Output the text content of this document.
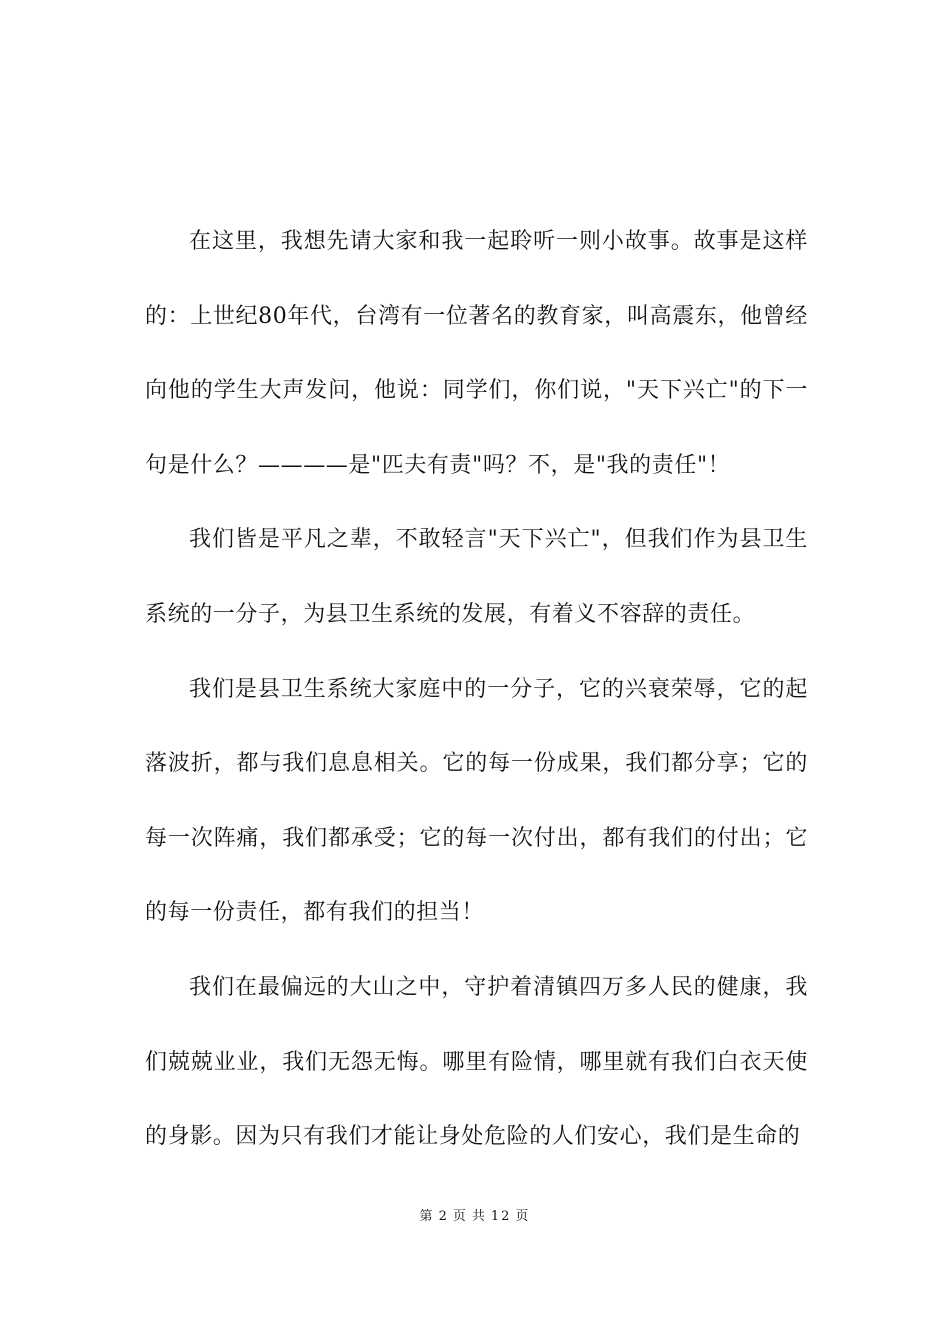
在这里，我想先请大家和我一起聆听一则小故事。故事是这样的：上世纪80年代，台湾有一位著名的教育家，叫高震东，他曾经向他的学生大声发问，他说：同学们，你们说，"天下兴亡"的下一句是什么？————是"匹夫有责"吗？不，是"我的责任"！

我们皆是平凡之辈，不敢轻言"天下兴亡"，但我们作为县卫生系统的一分子，为县卫生系统的发展，有着义不容辞的责任。

我们是县卫生系统大家庭中的一分子，它的兴衰荣辱，它的起落波折，都与我们息息相关。它的每一份成果，我们都分享；它的每一次阵痛，我们都承受；它的每一次付出，都有我们的付出；它的每一份责任，都有我们的担当！

我们在最偏远的大山之中，守护着清镇四万多人民的健康，我们兢兢业业，我们无怨无悔。哪里有险情，哪里就有我们白衣天使的身影。因为只有我们才能让身处危险的人们安心，我们是生命的

第 2 页 共 12 页
